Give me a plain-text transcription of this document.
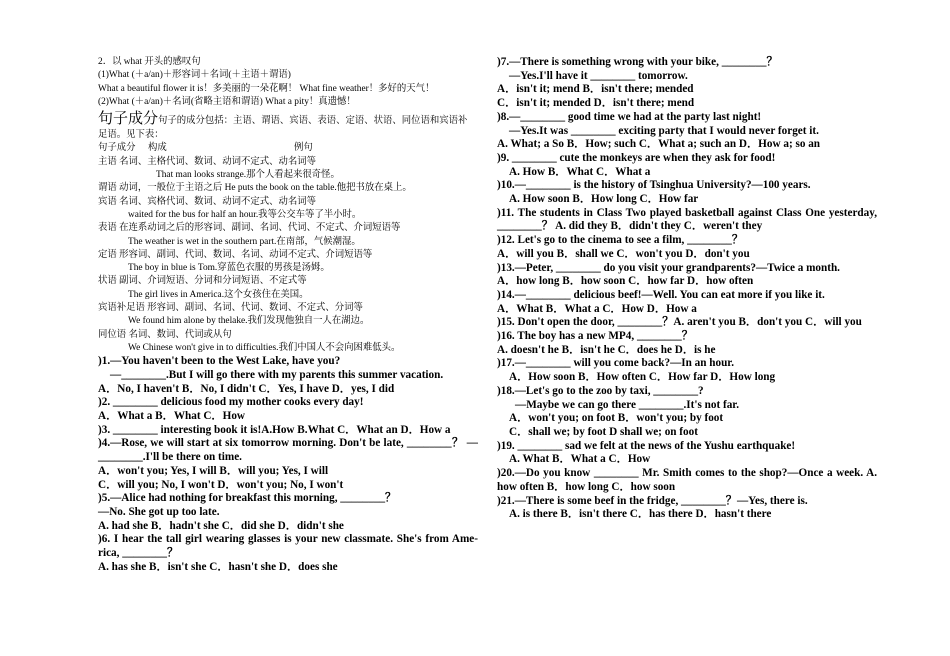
2．以 what 开头的感叹句
(1)What (＋a/an)＋形容词＋名词(＋主语＋谓语)
What a beautiful flower it is！多美丽的一朵花啊！ What fine weather！多好的天气！
(2)What (＋a/an)＋名词(省略主语和谓语) What a pity！真遗憾！
句子成分句子的成分包括：主语、谓语、宾语、表语、定语、状语、同位语和宾语补
足语。见下表：
句子成分 构成	例句
主语 名词、主格代词、数词、动词不定式、动名词等
That man looks strange.那个人看起来很奇怪。
谓语 动词，一般位于主语之后 He puts the book on the table.他把书放在桌上。
宾语 名词、宾格代词、数词、动词不定式、动名词等
waited for the bus for half an hour.我等公交车等了半小时。
表语 在连系动词之后的形容词、副词、名词、代词、不定式、介词短语等
The weather is wet in the southern part.在南部，气候潮湿。
定语 形容词、副词、代词、数词、名词、动词不定式、介词短语等
The boy in blue is Tom.穿蓝色衣服的男孩是汤姆。
状语 副词、介词短语、分词和分词短语、不定式等
The girl lives in America.这个女孩住在美国。
宾语补足语 形容词、副词、名词、代词、数词、不定式、分词等
We found him alone by thelake.我们发现他独自一人在湖边。
同位语 名词、数词、代词或从句
We Chinese won't give in to difficulties.我们中国人不会向困难低头。
)1.—You haven't been to the West Lake, have you?
—________.But I will go there with my parents this summer vacation.
A．No, I haven't B．No, I didn't C．Yes, I have D．yes, I did
)2. ________ delicious food my mother cooks every day!
A．What a B．What C．How
)3. ________ interesting book it is!A.How B.What C．What an D．How a
)4.—Rose, we will start at six tomorrow morning. Don't be late, ________？ —________.I'll be there on time.
A．won't you; Yes, I will B．will you; Yes, I will
C．will you; No, I won't D．won't you; No, I won't
)5.—Alice had nothing for breakfast this morning, ________？
—No. She got up too late.
A. had she B．hadn't she C．did she D．didn't she
)6. I hear the tall girl wearing glasses is your new classmate. She's from Ame-rica, ________？
A. has she B．isn't she C．hasn't she D．does she
)7.—There is something wrong with your bike, ________？
—Yes.I'll have it ________ tomorrow.
A．isn't it; mend B．isn't there; mended
C．isn't it; mended D．isn't there; mend
)8.—________ good time we had at the party last night!
—Yes.It was ________ exciting party that I would never forget it.
A. What; a So B．How; such C．What a; such an D．How a; so an
)9. ________ cute the monkeys are when they ask for food!
A. How B．What C．What a
)10.—________ is the history of Tsinghua University?—100 years.
A. How soon B．How long C．How far
)11. The students in Class Two played basketball against Class One yesterday, ________？ A. did they B．didn't they C．weren't they
)12. Let's go to the cinema to see a film, ________？
A．will you B．shall we C．won't you D．don't you
)13.—Peter, ________ do you visit your grandparents?—Twice a month.
A．how long B．how soon C．how far D．how often
)14.—________ delicious beef!—Well. You can eat more if you like it.
A．What B．What a C．How D．How a
)15. Don't open the door, ________？A. aren't you B．don't you C．will you
)16. The boy has a new MP4, ________？
A. doesn't he B．isn't he C．does he D．is he
)17.—________ will you come back?—In an hour.
A．How soon B．How often C．How far D．How long
)18.—Let's go to the zoo by taxi, ________?
—Maybe we can go there ________.It's not far.
A．won't you; on foot B．won't you; by foot
C．shall we; by foot D shall we; on foot
)19. ________ sad we felt at the news of the Yushu earthquake!
A. What B．What a C．How
)20.—Do you know ________ Mr. Smith comes to the shop?—Once a week. A. how often B．how long C．how soon
)21.—There is some beef in the fridge, ________？—Yes, there is.
A. is there B．isn't there C．has there D．hasn't there
